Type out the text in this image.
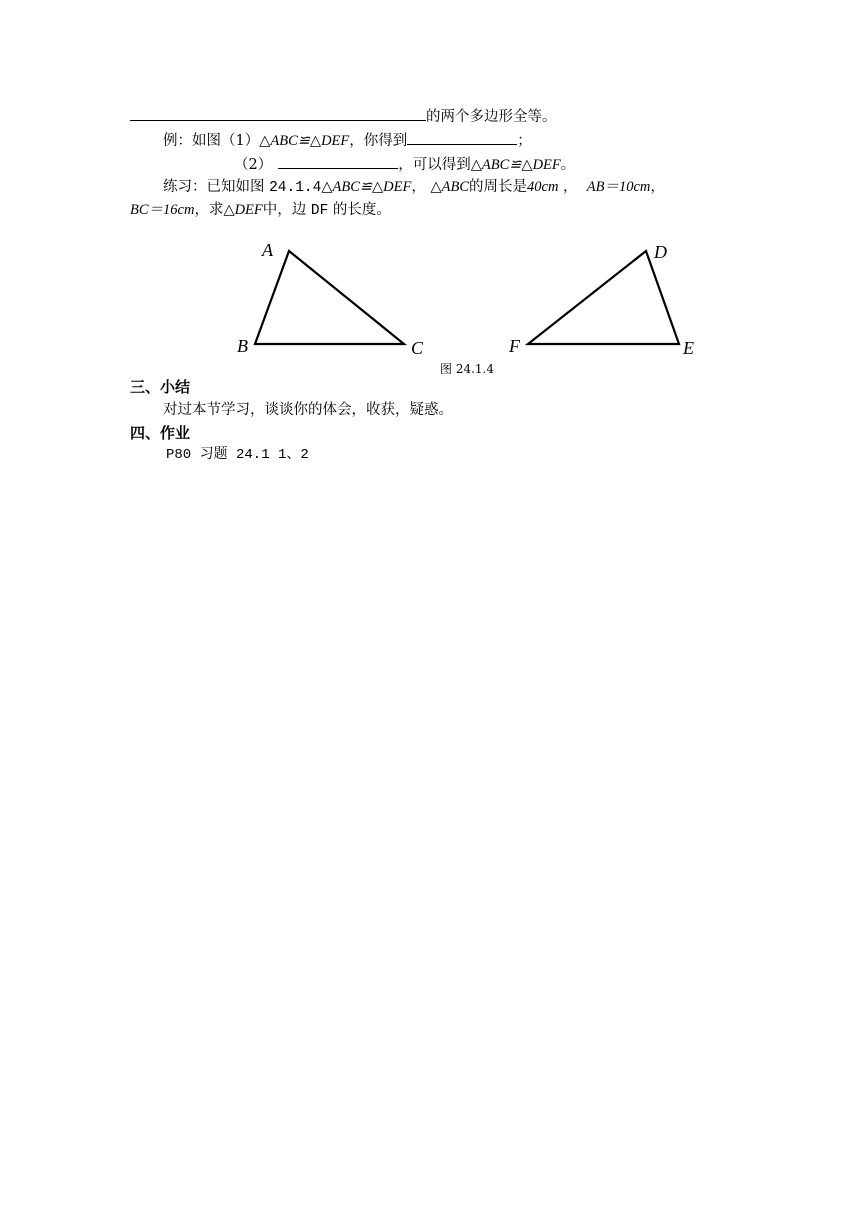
的两个多边形全等。
例：如图（1）△ABC≌△DEF，你得到	；
（2）	，可以得到△ABC≌△DEF。
练习：已知如图 24.1.4△ABC≌△DEF， △ABC的周长是40cm ，  AB＝10cm，
BC＝16cm，求△DEF中，边 DF 的长度。
A
B	C
D
E
F
图 24.1.4
三、小结
对过本节学习，谈谈你的体会，收获，疑惑。
四、作业
P80 习题 24.1 1、2
